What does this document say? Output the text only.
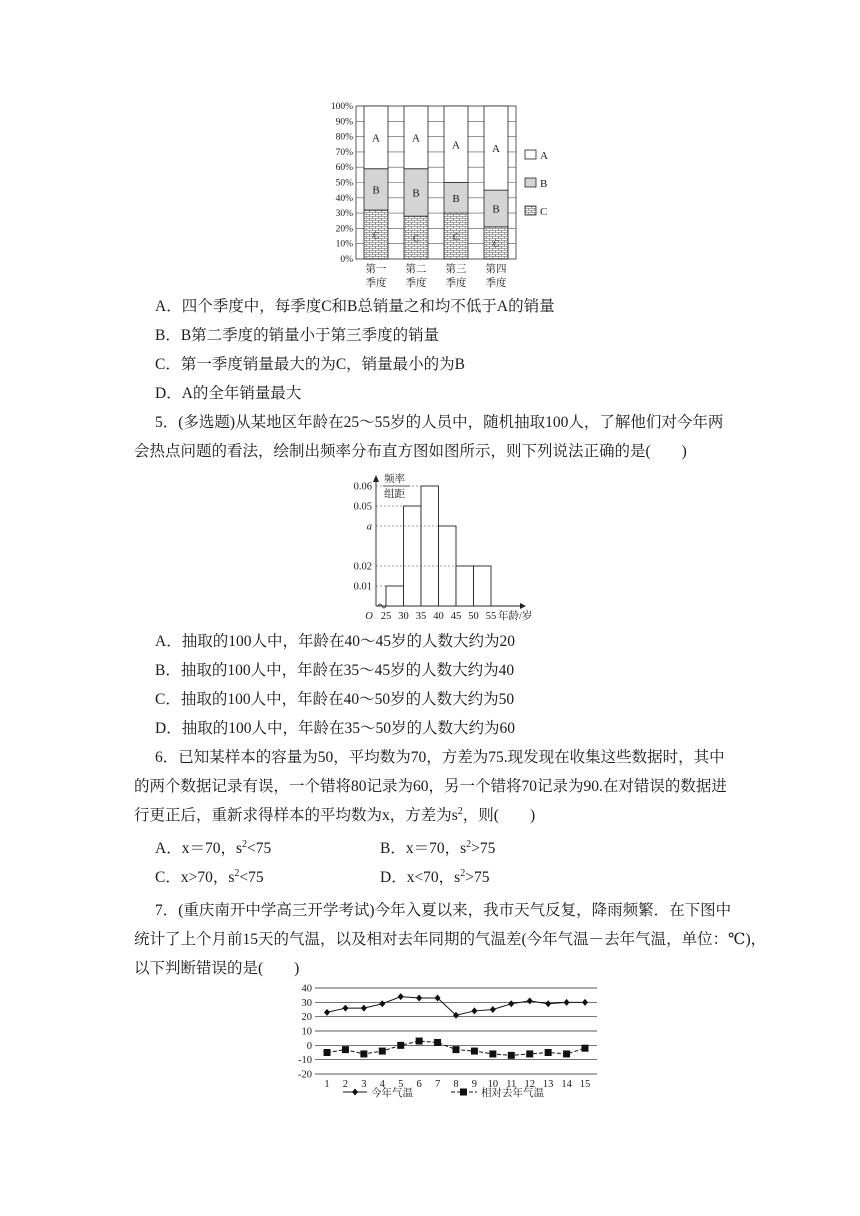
0%
10%
20%
30%
40%
50%
60%
70%
80%
90%
100%
C
B
A
第一
季度
C
B
A
第二
季度
C
B
A
第三
季度
C
B
A
第四
季度
A
B
C
A．四个季度中，每季度C和B总销量之和均不低于A的销量
B．B第二季度的销量小于第三季度的销量
C．第一季度销量最大的为C，销量最小的为B
D．A的全年销量最大
5．(多选题)从某地区年龄在25～55岁的人员中，随机抽取100人，了解他们对今年两
会热点问题的看法，绘制出频率分布直方图如图所示，则下列说法正确的是(　　)
频率
组距
0.06
0.05
a
0.02
0.01
25 30 35 40 45 50 55
O	年龄/岁
A．抽取的100人中，年龄在40～45岁的人数大约为20
B．抽取的100人中，年龄在35～45岁的人数大约为40
C．抽取的100人中，年龄在40～50岁的人数大约为50
D．抽取的100人中，年龄在35～50岁的人数大约为60
6．已知某样本的容量为50，平均数为70，方差为75.现发现在收集这些数据时，其中
的两个数据记录有误，一个错将80记录为60，另一个错将70记录为90.在对错误的数据进
行更正后，重新求得样本的平均数为x，方差为$s^2$，则(　　)
A．x＝70，$s^2<75$	B．x＝70，$s^2>75$
C．x>70，$s^2<75$	D．x<70，$s^2>75$
7．(重庆南开中学高三开学考试)今年入夏以来，我市天气反复，降雨频繁．在下图中
统计了上个月前15天的气温，以及相对去年同期的气温差(今年气温－去年气温，单位：℃)，
以下判断错误的是(　　)
40
30
20
10
0
-10
-20
1 2 3 4 5 6 7 8 9 10 11 12 13 14 15
今年气温	相对去年气温
